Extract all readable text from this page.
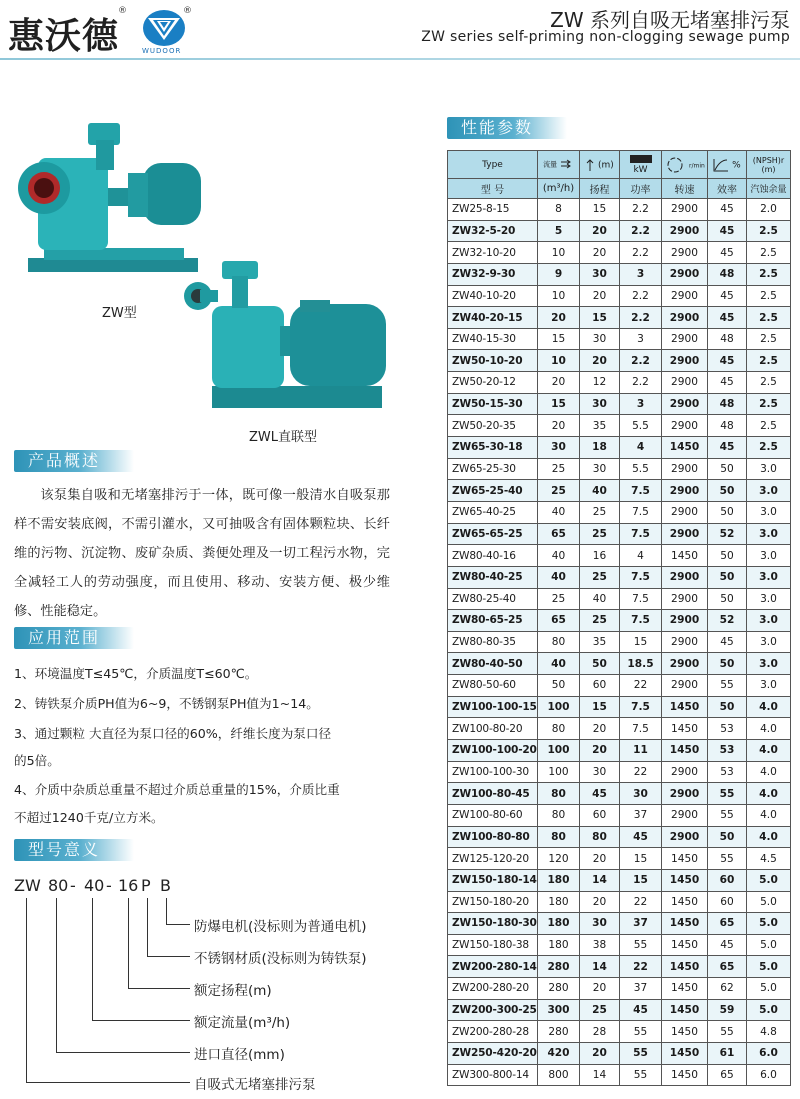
惠沃德
®	®
WUDOOR
ZW 系列自吸无堵塞排污泵
ZW series self-priming non-clogging sewage pump
ZW型
ZWL直联型
产品概述
该泵集自吸和无堵塞排污于一体，既可像一般清水自吸泵那样不需安装底阀，不需引灌水，又可抽吸含有固体颗粒块、长纤维的污物、沉淀物、废矿杂质、粪便处理及一切工程污水物，完全减轻工人的劳动强度，而且使用、移动、安装方便、极少维修、性能稳定。
应用范围
1、环境温度T≤45℃，介质温度T≤60℃。
2、铸铁泵介质PH值为6~9，不锈钢泵PH值为1~14。
3、通过颗粒 大直径为泵口径的60%，纤维长度为泵口径
的5倍。
4、介质中杂质总重量不超过介质总重量的15%，介质比重
不超过1240千克/立方米。
型号意义
ZW 80 - 40 - 16 P B
防爆电机(没标则为普通电机)
不锈钢材质(没标则为铸铁泵)
额定扬程(m)
额定流量(m³/h)
进口直径(mm)
自吸式无堵塞排污泵
性能参数
Type	流量	(m)	kW	r/min	%	(NPSH)r (m)
型 号	(m³/h)	扬程	功率	转速	效率	汽蚀余量
ZW25-8-15	8	15	2.2	2900	45	2.0
ZW32-5-20	5	20	2.2	2900	45	2.5
ZW32-10-20	10	20	2.2	2900	45	2.5
ZW32-9-30	9	30	3	2900	48	2.5
ZW40-10-20	10	20	2.2	2900	45	2.5
ZW40-20-15	20	15	2.2	2900	45	2.5
ZW40-15-30	15	30	3	2900	48	2.5
ZW50-10-20	10	20	2.2	2900	45	2.5
ZW50-20-12	20	12	2.2	2900	45	2.5
ZW50-15-30	15	30	3	2900	48	2.5
ZW50-20-35	20	35	5.5	2900	48	2.5
ZW65-30-18	30	18	4	1450	45	2.5
ZW65-25-30	25	30	5.5	2900	50	3.0
ZW65-25-40	25	40	7.5	2900	50	3.0
ZW65-40-25	40	25	7.5	2900	50	3.0
ZW65-65-25	65	25	7.5	2900	52	3.0
ZW80-40-16	40	16	4	1450	50	3.0
ZW80-40-25	40	25	7.5	2900	50	3.0
ZW80-25-40	25	40	7.5	2900	50	3.0
ZW80-65-25	65	25	7.5	2900	52	3.0
ZW80-80-35	80	35	15	2900	45	3.0
ZW80-40-50	40	50	18.5	2900	50	3.0
ZW80-50-60	50	60	22	2900	55	3.0
ZW100-100-15	100	15	7.5	1450	50	4.0
ZW100-80-20	80	20	7.5	1450	53	4.0
ZW100-100-20	100	20	11	1450	53	4.0
ZW100-100-30	100	30	22	2900	53	4.0
ZW100-80-45	80	45	30	2900	55	4.0
ZW100-80-60	80	60	37	2900	55	4.0
ZW100-80-80	80	80	45	2900	50	4.0
ZW125-120-20	120	20	15	1450	55	4.5
ZW150-180-14	180	14	15	1450	60	5.0
ZW150-180-20	180	20	22	1450	60	5.0
ZW150-180-30	180	30	37	1450	65	5.0
ZW150-180-38	180	38	55	1450	45	5.0
ZW200-280-14	280	14	22	1450	65	5.0
ZW200-280-20	280	20	37	1450	62	5.0
ZW200-300-25	300	25	45	1450	59	5.0
ZW200-280-28	280	28	55	1450	55	4.8
ZW250-420-20	420	20	55	1450	61	6.0
ZW300-800-14	800	14	55	1450	65	6.0
